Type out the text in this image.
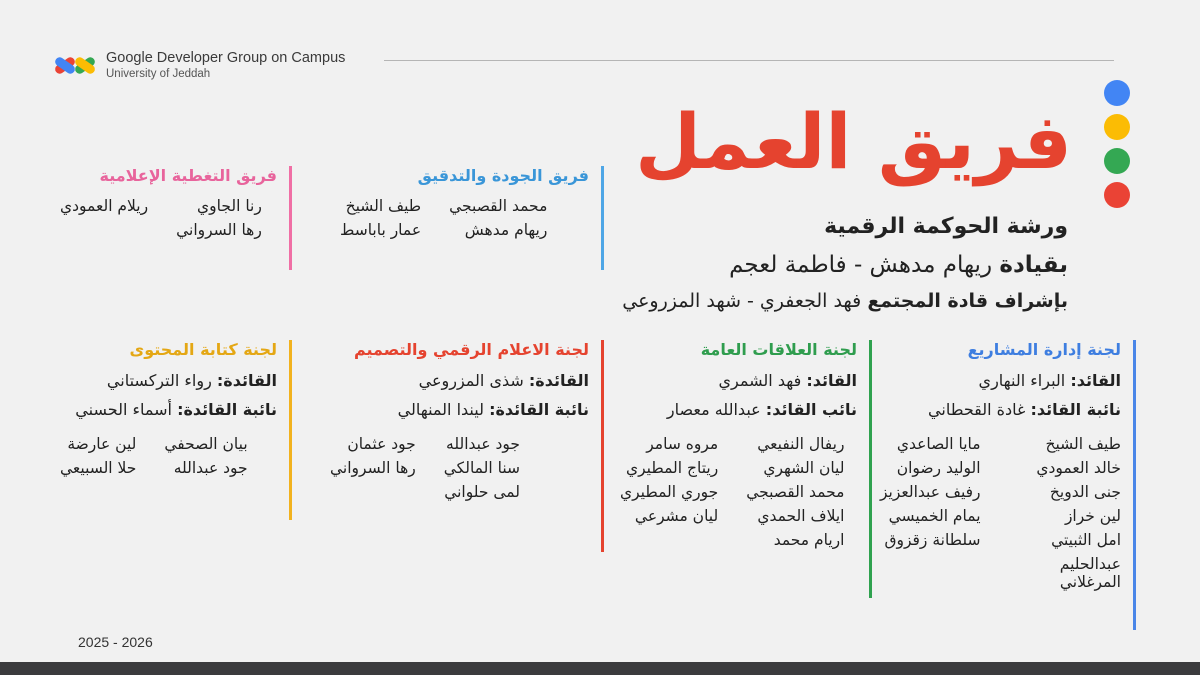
Google Developer Group on Campus
University of Jeddah
فريق العمل
ورشة الحوكمة الرقمية
بقيادة ريهام مدهش - فاطمة لعجم
بإشراف قادة المجتمع فهد الجعفري - شهد المزروعي
فريق التغطية الإعلامية
رنا الجاوي
ريلام العمودي
رها السرواني
فريق الجودة والتدقيق
محمد القصبجي
طيف الشيخ
ريهام مدهش
عمار باباسط
لجنة كتابة المحتوى
القائدة: رواء التركستاني
نائبة القائدة: أسماء الحسني
بيان الصحفي
لين عارضة
جود عبدالله
حلا السبيعي
لجنة الاعلام الرقمي والتصميم
القائدة: شذى المزروعي
نائبة القائدة: ليندا المنهالي
جود عبدالله
جود عثمان
سنا المالكي
رها السرواني
لمى حلواني
لجنة العلاقات العامة
القائد: فهد الشمري
نائب القائد: عبدالله معصار
ريفال النفيعي
مروه سامر
ليان الشهري
ريتاج المطيري
محمد القصبجي
جوري المطيري
ايلاف الحمدي
ليان مشرعي
اريام محمد
لجنة إدارة المشاريع
القائد: البراء النهاري
نائبة القائد: غادة القحطاني
طيف الشيخ
مايا الصاعدي
خالد العمودي
الوليد رضوان
جنى الدويخ
رفيف عبدالعزيز
لين خراز
يمام الخميسي
امل الثبيتي
سلطانة زقزوق
عبدالحليم المرغلاني
2025 - 2026
